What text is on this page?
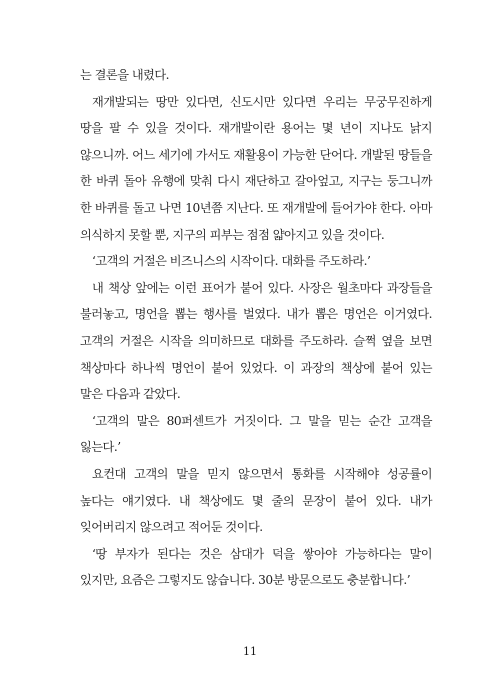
는 결론을 내렸다.

재개발되는 땅만 있다면, 신도시만 있다면 우리는 무궁무진하게 땅을 팔 수 있을 것이다. 재개발이란 용어는 몇 년이 지나도 낡지 않으니까. 어느 세기에 가서도 재활용이 가능한 단어다. 개발된 땅들을 한 바퀴 돌아 유행에 맞춰 다시 재단하고 갈아엎고, 지구는 둥그니까 한 바퀴를 돌고 나면 10년쯤 지난다. 또 재개발에 들어가야 한다. 아마 의식하지 못할 뿐, 지구의 피부는 점점 얇아지고 있을 것이다.

‘고객의 거절은 비즈니스의 시작이다. 대화를 주도하라.’

내 책상 앞에는 이런 표어가 붙어 있다. 사장은 월초마다 과장들을 불러놓고, 명언을 뽑는 행사를 벌였다. 내가 뽑은 명언은 이거였다. 고객의 거절은 시작을 의미하므로 대화를 주도하라. 슬쩍 옆을 보면 책상마다 하나씩 명언이 붙어 있었다. 이 과장의 책상에 붙어 있는 말은 다음과 같았다.

‘고객의 말은 80퍼센트가 거짓이다. 그 말을 믿는 순간 고객을 잃는다.’

요컨대 고객의 말을 믿지 않으면서 통화를 시작해야 성공률이 높다는 얘기였다. 내 책상에도 몇 줄의 문장이 붙어 있다. 내가 잊어버리지 않으려고 적어둔 것이다.

‘땅 부자가 된다는 것은 삼대가 덕을 쌓아야 가능하다는 말이 있지만, 요즘은 그렇지도 않습니다. 30분 방문으로도 충분합니다.’

11
